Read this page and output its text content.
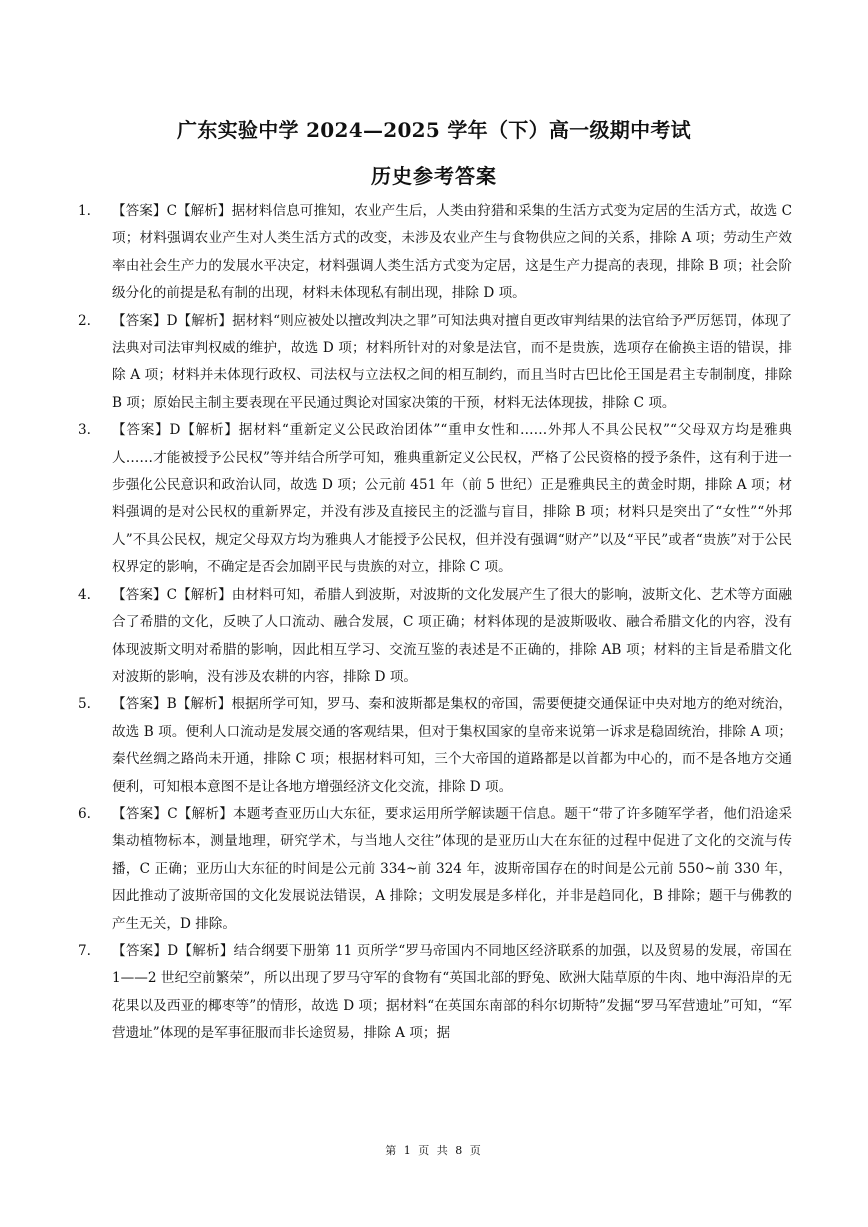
广东实验中学 2024—2025 学年（下）高一级期中考试
历史参考答案
1. 【答案】C【解析】据材料信息可推知，农业产生后，人类由狩猎和采集的生活方式变为定居的生活方式，故选 C 项；材料强调农业产生对人类生活方式的改变，未涉及农业产生与食物供应之间的关系，排除 A 项；劳动生产效率由社会生产力的发展水平决定，材料强调人类生活方式变为定居，这是生产力提高的表现，排除 B 项；社会阶级分化的前提是私有制的出现，材料未体现私有制出现，排除 D 项。
2. 【答案】D【解析】据材料“则应被处以擅改判决之罪”可知法典对擅自更改审判结果的法官给予严厉惩罚，体现了法典对司法审判权威的维护，故选 D 项；材料所针对的对象是法官，而不是贵族，选项存在偷换主语的错误，排除 A 项；材料并未体现行政权、司法权与立法权之间的相互制约，而且当时古巴比伦王国是君主专制制度，排除 B 项；原始民主制主要表现在平民通过舆论对国家决策的干预，材料无法体现拔，排除 C 项。
3. 【答案】D【解析】据材料“重新定义公民政治团体”“重申女性和……外邦人不具公民权”“父母双方均是雅典人……才能被授予公民权”等并结合所学可知，雅典重新定义公民权，严格了公民资格的授予条件，这有利于进一步强化公民意识和政治认同，故选 D 项；公元前 451 年（前 5 世纪）正是雅典民主的黄金时期，排除 A 项；材料强调的是对公民权的重新界定，并没有涉及直接民主的泛滥与盲目，排除 B 项；材料只是突出了“女性”“外邦人”不具公民权，规定父母双方均为雅典人才能授予公民权，但并没有强调“财产”以及“平民”或者“贵族”对于公民权界定的影响，不确定是否会加剧平民与贵族的对立，排除 C 项。
4. 【答案】C【解析】由材料可知，希腊人到波斯，对波斯的文化发展产生了很大的影响，波斯文化、艺术等方面融合了希腊的文化，反映了人口流动、融合发展，C 项正确；材料体现的是波斯吸收、融合希腊文化的内容，没有体现波斯文明对希腊的影响，因此相互学习、交流互鉴的表述是不正确的，排除 AB 项；材料的主旨是希腊文化对波斯的影响，没有涉及农耕的内容，排除 D 项。
5. 【答案】B【解析】根据所学可知，罗马、秦和波斯都是集权的帝国，需要便捷交通保证中央对地方的绝对统治，故选 B 项。便利人口流动是发展交通的客观结果，但对于集权国家的皇帝来说第一诉求是稳固统治，排除 A 项；秦代丝绸之路尚未开通，排除 C 项；根据材料可知，三个大帝国的道路都是以首都为中心的，而不是各地方交通便利，可知根本意图不是让各地方增强经济文化交流，排除 D 项。
6. 【答案】C【解析】本题考查亚历山大东征，要求运用所学解读题干信息。题干“带了许多随军学者，他们沿途采集动植物标本，测量地理，研究学术，与当地人交往”体现的是亚历山大在东征的过程中促进了文化的交流与传播，C 正确；亚历山大东征的时间是公元前 334~前 324 年，波斯帝国存在的时间是公元前 550~前 330 年，因此推动了波斯帝国的文化发展说法错误，A 排除；文明发展是多样化，并非是趋同化，B 排除；题干与佛教的产生无关，D 排除。
7. 【答案】D【解析】结合纲要下册第 11 页所学“罗马帝国内不同地区经济联系的加强，以及贸易的发展，帝国在 1——2 世纪空前繁荣”，所以出现了罗马守军的食物有“英国北部的野兔、欧洲大陆草原的牛肉、地中海沿岸的无花果以及西亚的椰枣等”的情形，故选 D 项；据材料“在英国东南部的科尔切斯特”发掘“罗马军营遗址”可知，“军营遗址”体现的是军事征服而非长途贸易，排除 A 项；据
第 1 页 共 8 页
